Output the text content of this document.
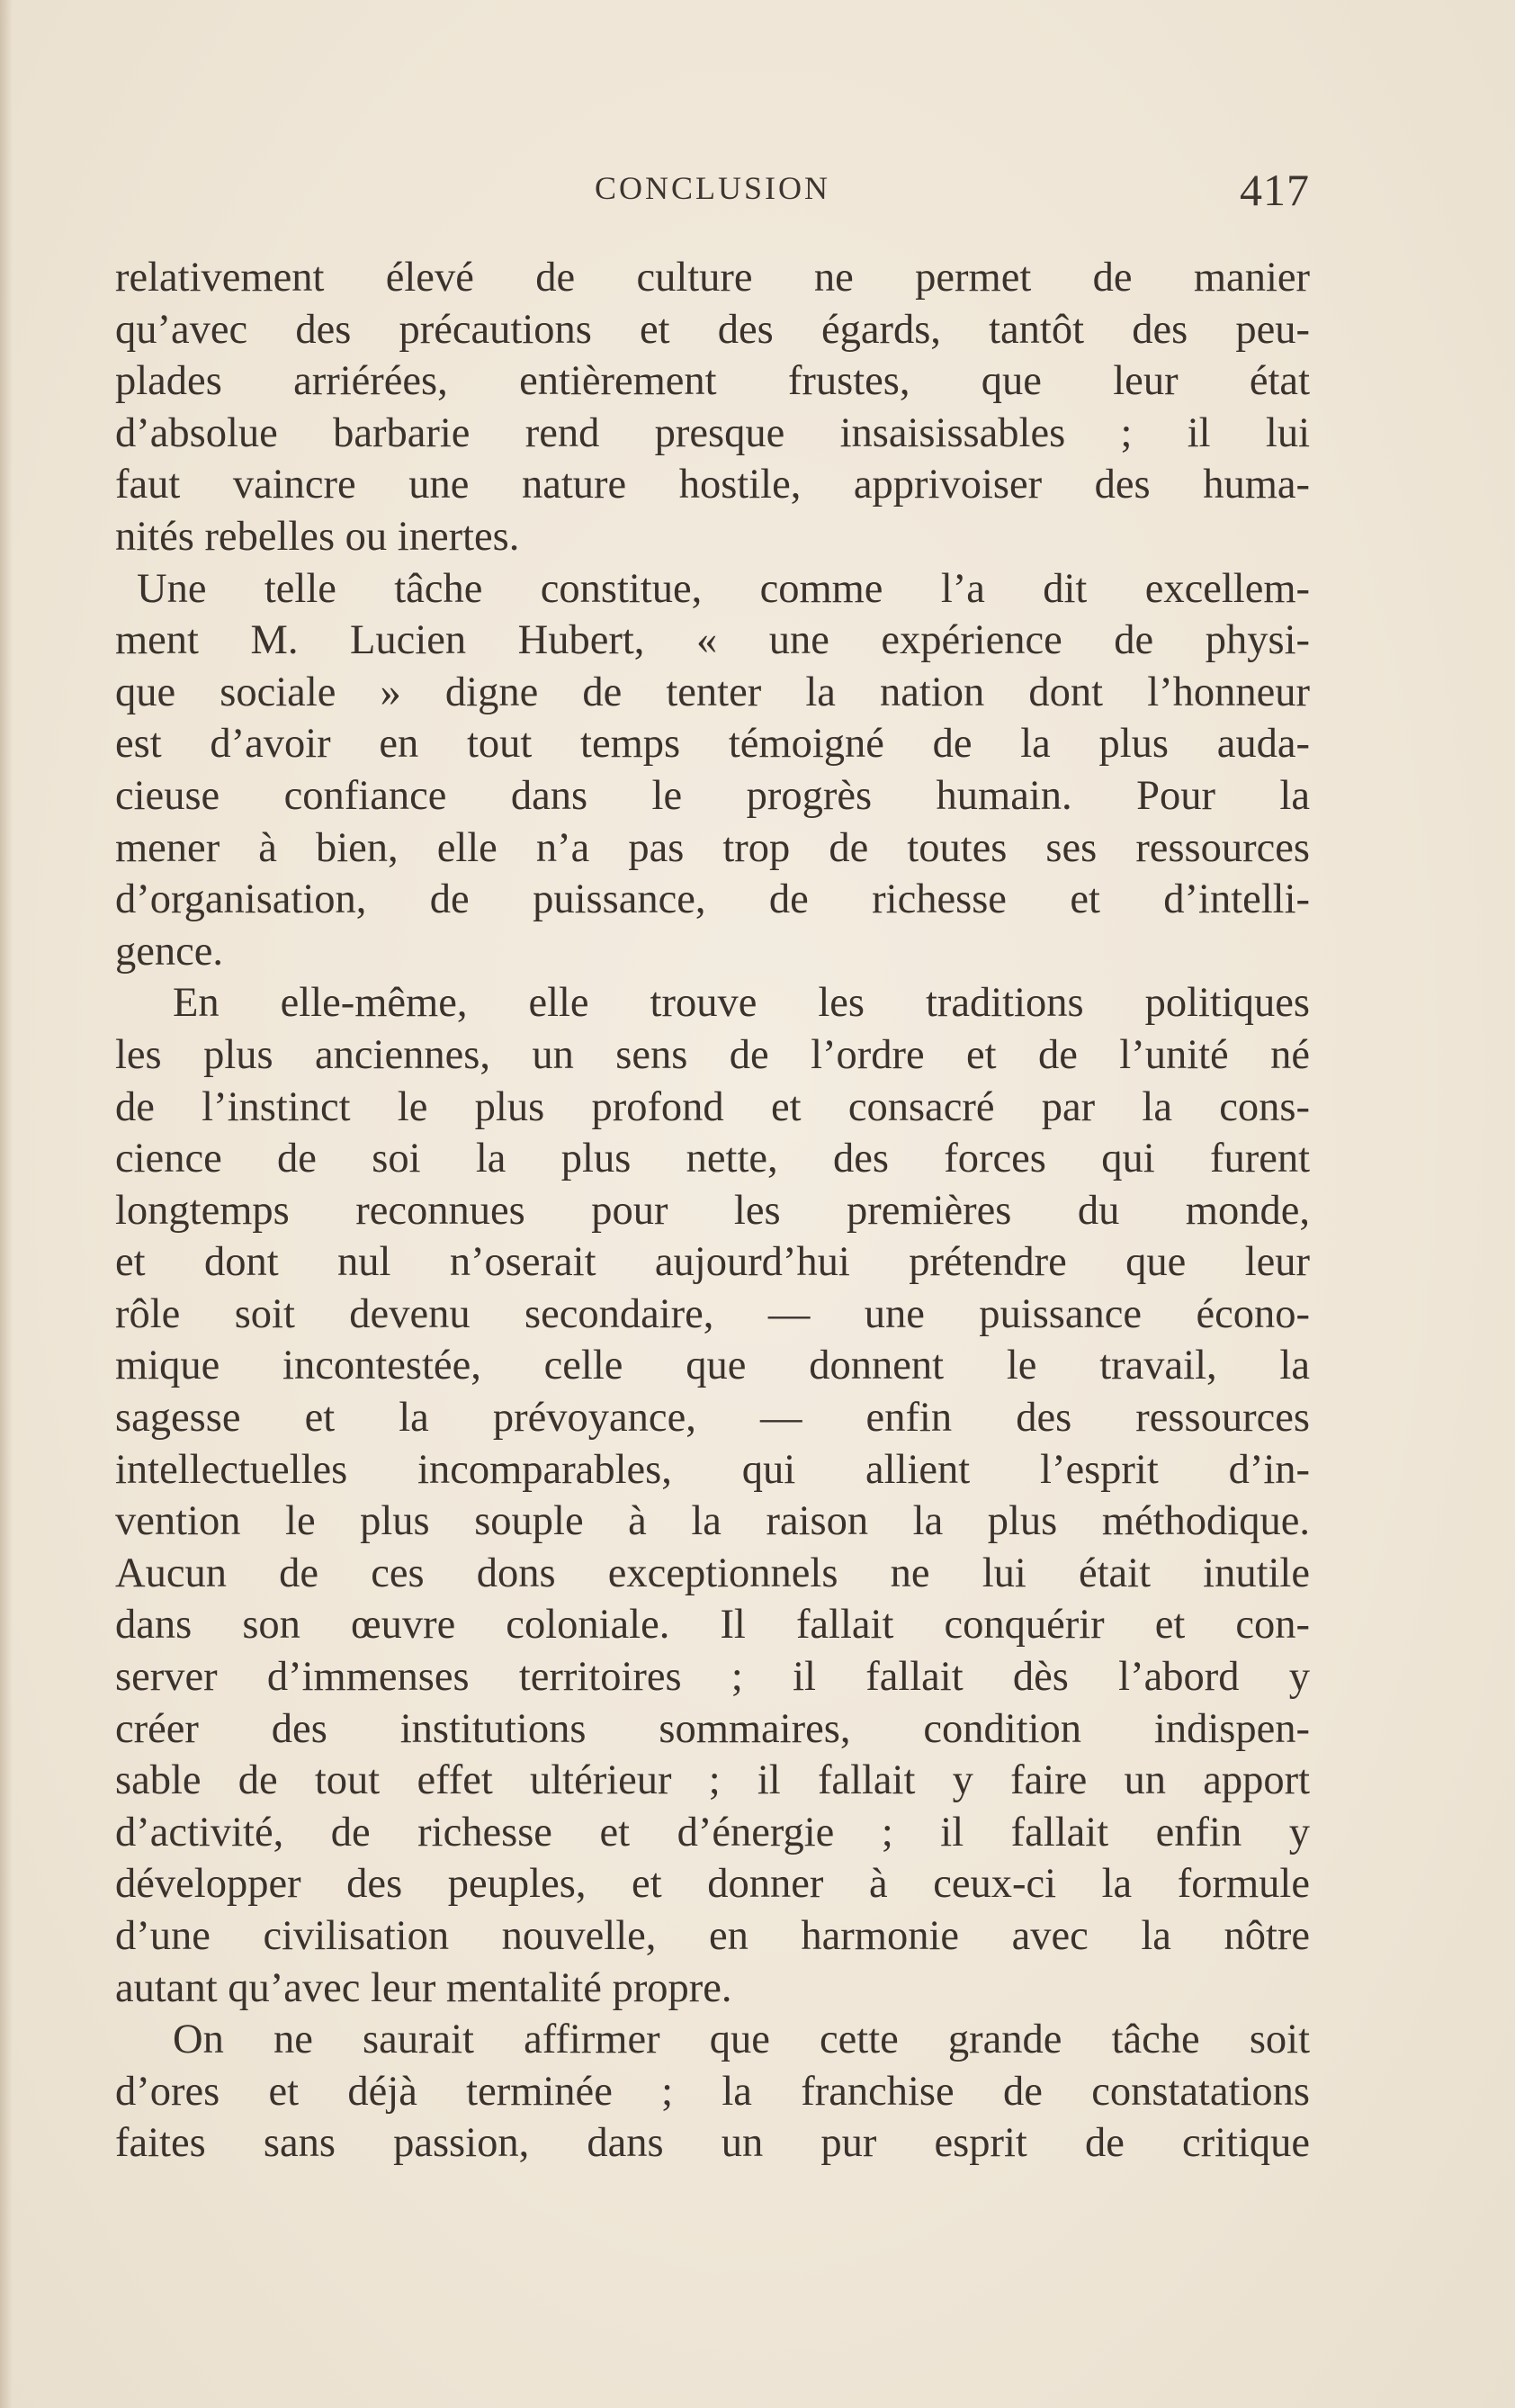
CONCLUSION	417
relativement élevé de culture ne permet de manier
qu’avec des précautions et des égards, tantôt des peu-
plades arriérées, entièrement frustes, que leur état
d’absolue barbarie rend presque insaisissables ; il lui
faut vaincre une nature hostile, apprivoiser des huma-
nités rebelles ou inertes.
Une telle tâche constitue, comme l’a dit excellem-
ment M. Lucien Hubert, « une expérience de physi-
que sociale » digne de tenter la nation dont l’honneur
est d’avoir en tout temps témoigné de la plus auda-
cieuse confiance dans le progrès humain. Pour la
mener à bien, elle n’a pas trop de toutes ses ressources
d’organisation, de puissance, de richesse et d’intelli-
gence.
En elle-même, elle trouve les traditions politiques
les plus anciennes, un sens de l’ordre et de l’unité né
de l’instinct le plus profond et consacré par la cons-
cience de soi la plus nette, des forces qui furent
longtemps reconnues pour les premières du monde,
et dont nul n’oserait aujourd’hui prétendre que leur
rôle soit devenu secondaire, — une puissance écono-
mique incontestée, celle que donnent le travail, la
sagesse et la prévoyance, — enfin des ressources
intellectuelles incomparables, qui allient l’esprit d’in-
vention le plus souple à la raison la plus méthodique.
Aucun de ces dons exceptionnels ne lui était inutile
dans son œuvre coloniale. Il fallait conquérir et con-
server d’immenses territoires ; il fallait dès l’abord y
créer des institutions sommaires, condition indispen-
sable de tout effet ultérieur ; il fallait y faire un apport
d’activité, de richesse et d’énergie ; il fallait enfin y
développer des peuples, et donner à ceux-ci la formule
d’une civilisation nouvelle, en harmonie avec la nôtre
autant qu’avec leur mentalité propre.
On ne saurait affirmer que cette grande tâche soit
d’ores et déjà terminée ; la franchise de constatations
faites sans passion, dans un pur esprit de critique
